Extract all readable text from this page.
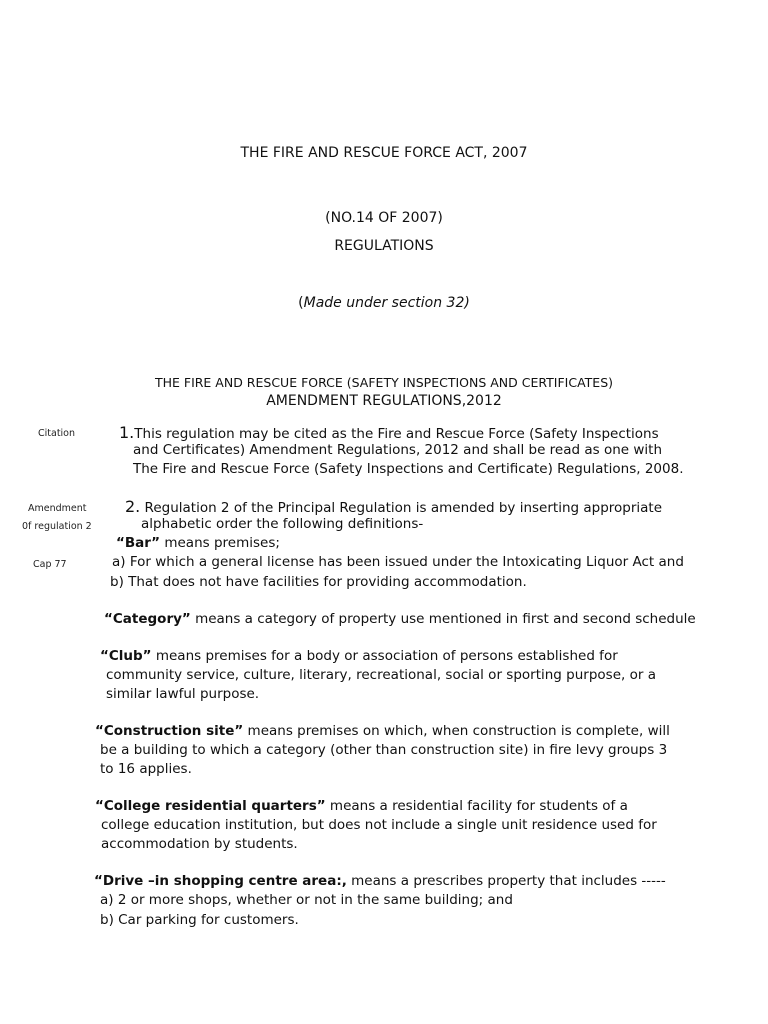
THE FIRE AND RESCUE FORCE ACT, 2007
(NO.14 OF 2007)
REGULATIONS
(Made under section 32)
THE FIRE AND RESCUE FORCE (SAFETY INSPECTIONS AND CERTIFICATES)
AMENDMENT REGULATIONS,2012
Citation
Amendment
0f regulation 2
Cap 77
1.This regulation may be cited as the Fire and Rescue Force (Safety Inspections
and Certificates) Amendment Regulations, 2012 and shall be read as one with
The Fire and Rescue Force (Safety Inspections and Certificate) Regulations, 2008.
2. Regulation 2 of the Principal Regulation is amended by inserting appropriate
alphabetic order the following definitions-
“Bar” means premises;
a) For which a general license has been issued under the Intoxicating Liquor Act and
b) That does not have facilities for providing accommodation.
“Category” means a category of property use mentioned in first and second schedule
“Club” means premises for a body or association of persons established for
community service, culture, literary, recreational, social or sporting purpose, or a
similar lawful purpose.
“Construction site” means premises on which, when construction is complete, will
be a building to which a category (other than construction site) in fire levy groups 3
to 16 applies.
“College residential quarters” means a residential facility for students of a
college education institution, but does not include a single unit residence used for
accommodation by students.
“Drive –in shopping centre area:, means a prescribes property that includes -----
a) 2 or more shops, whether or not in the same building; and
b) Car parking for customers.
